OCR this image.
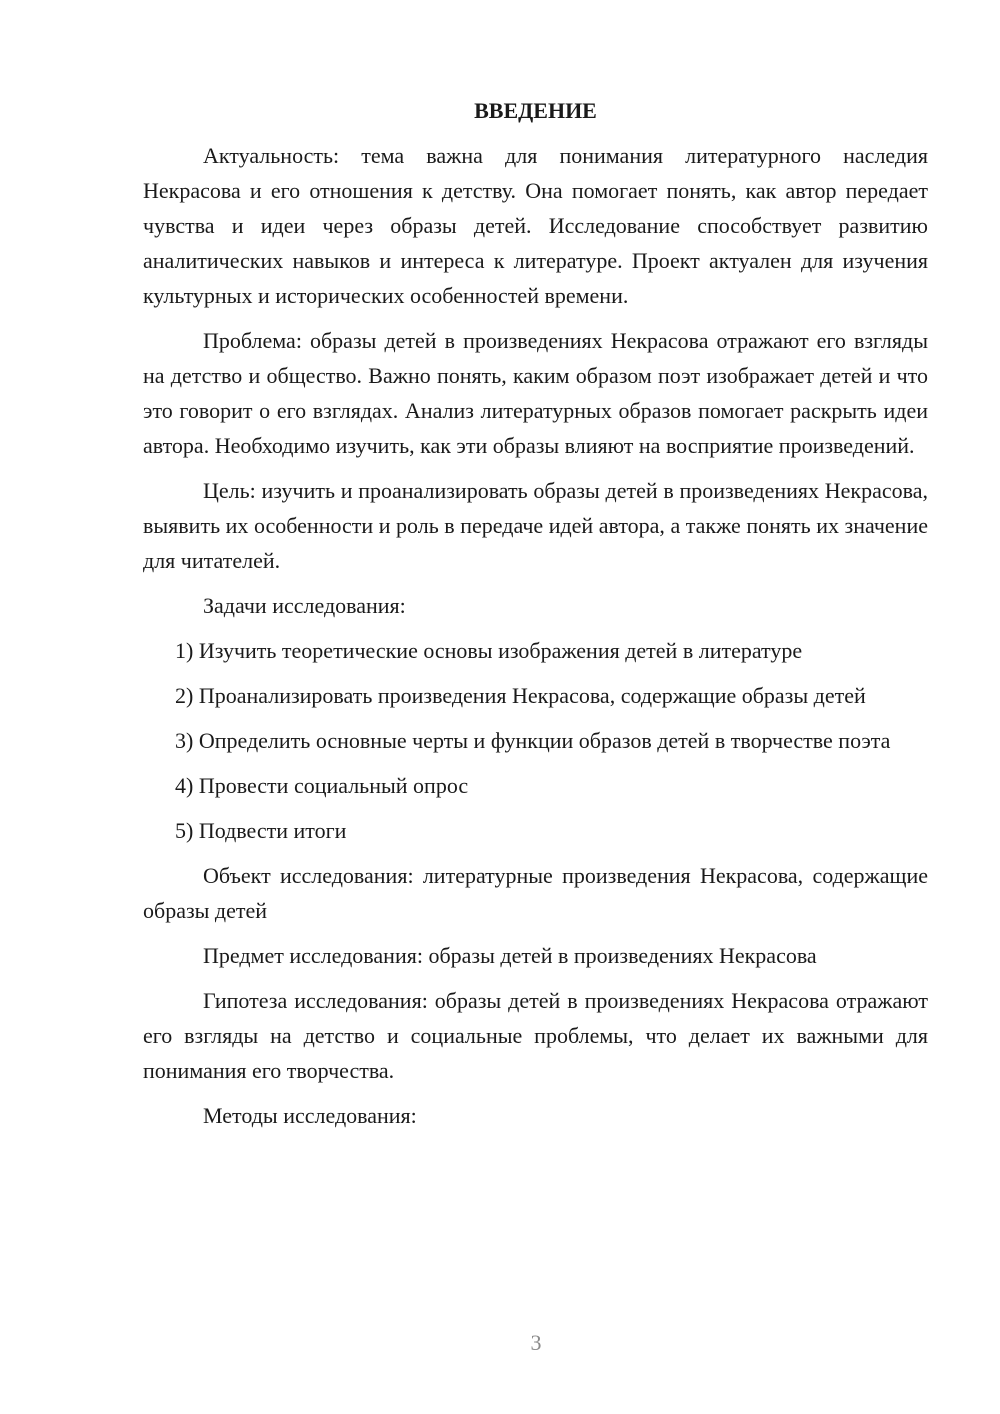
ВВЕДЕНИЕ

Актуальность: тема важна для понимания литературного наследия Некрасова и его отношения к детству. Она помогает понять, как автор передает чувства и идеи через образы детей. Исследование способствует развитию аналитических навыков и интереса к литературе. Проект актуален для изучения культурных и исторических особенностей времени.

Проблема: образы детей в произведениях Некрасова отражают его взгляды на детство и общество. Важно понять, каким образом поэт изображает детей и что это говорит о его взглядах. Анализ литературных образов помогает раскрыть идеи автора. Необходимо изучить, как эти образы влияют на восприятие произведений.

Цель: изучить и проанализировать образы детей в произведениях Некрасова, выявить их особенности и роль в передаче идей автора, а также понять их значение для читателей.

Задачи исследования:

1) Изучить теоретические основы изображения детей в литературе

2) Проанализировать произведения Некрасова, содержащие образы детей

3) Определить основные черты и функции образов детей в творчестве поэта

4) Провести социальный опрос

5) Подвести итоги

Объект исследования: литературные произведения Некрасова, содержащие образы детей

Предмет исследования: образы детей в произведениях Некрасова

Гипотеза исследования: образы детей в произведениях Некрасова отражают его взгляды на детство и социальные проблемы, что делает их важными для понимания его творчества.

Методы исследования:

3
